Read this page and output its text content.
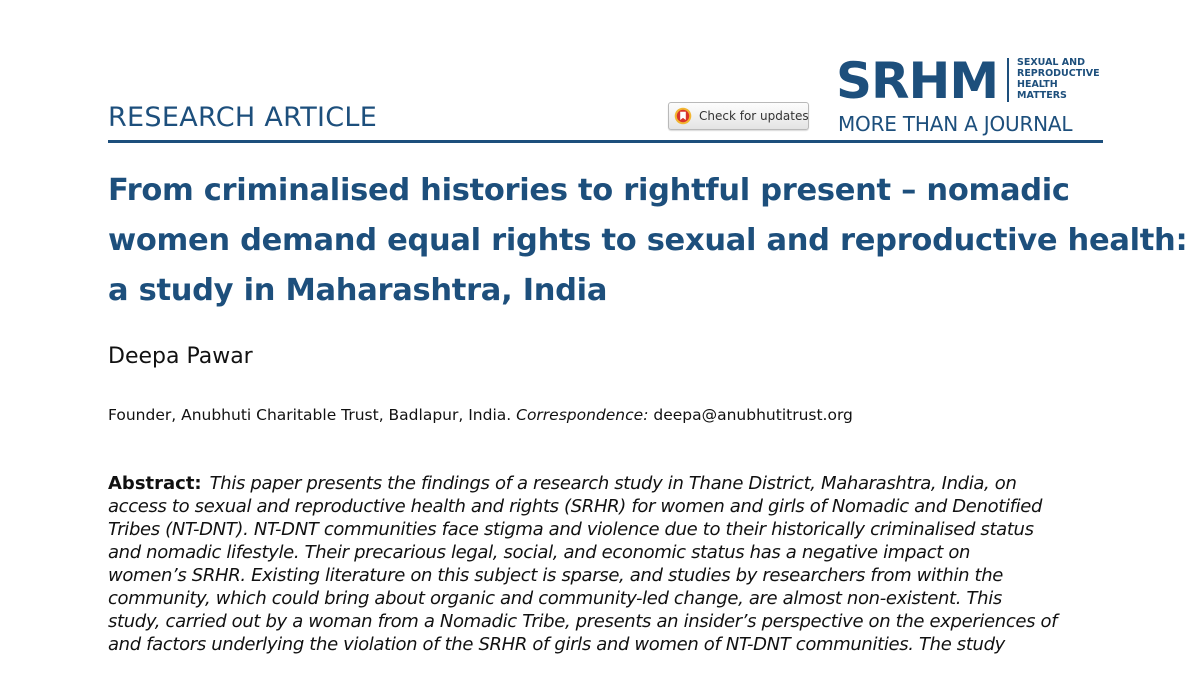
RESEARCH ARTICLE	Check for updates
SRHM SEXUAL AND
REPRODUCTIVE
HEALTH
MATTERS
MORE THAN A JOURNAL
From criminalised histories to rightful present – nomadic
women demand equal rights to sexual and reproductive health:
a study in Maharashtra, India
Deepa Pawar
Founder, Anubhuti Charitable Trust, Badlapur, India. Correspondence: deepa@anubhutitrust.org
Abstract: This paper presents the findings of a research study in Thane District, Maharashtra, India, on
access to sexual and reproductive health and rights (SRHR) for women and girls of Nomadic and Denotified
Tribes (NT-DNT). NT-DNT communities face stigma and violence due to their historically criminalised status
and nomadic lifestyle. Their precarious legal, social, and economic status has a negative impact on
women’s SRHR. Existing literature on this subject is sparse, and studies by researchers from within the
community, which could bring about organic and community-led change, are almost non-existent. This
study, carried out by a woman from a Nomadic Tribe, presents an insider’s perspective on the experiences of
and factors underlying the violation of the SRHR of girls and women of NT-DNT communities. The study
